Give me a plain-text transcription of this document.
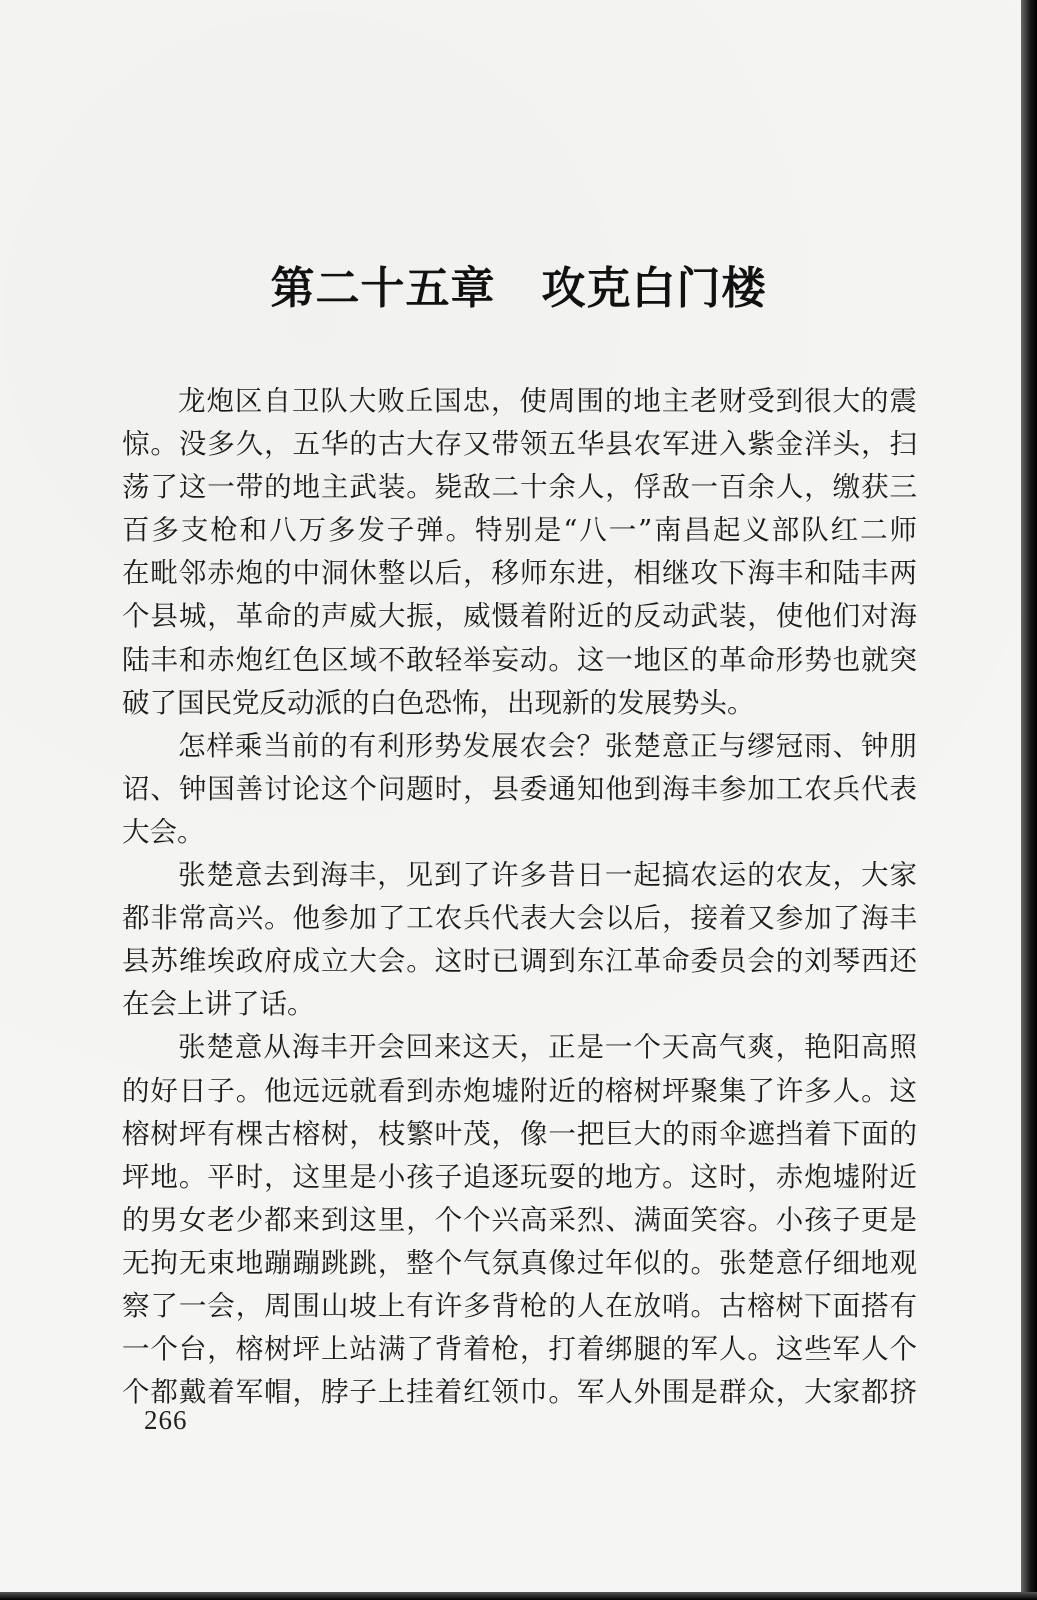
第二十五章 攻克白门楼
龙炮区自卫队大败丘国忠，使周围的地主老财受到很大的震
惊。没多久，五华的古大存又带领五华县农军进入紫金洋头，扫
荡了这一带的地主武装。毙敌二十余人，俘敌一百余人，缴获三
百多支枪和八万多发子弹。特别是“八一”南昌起义部队红二师
在毗邻赤炮的中洞休整以后，移师东进，相继攻下海丰和陆丰两
个县城，革命的声威大振，威慑着附近的反动武装，使他们对海
陆丰和赤炮红色区域不敢轻举妄动。这一地区的革命形势也就突
破了国民党反动派的白色恐怖，出现新的发展势头。
怎样乘当前的有利形势发展农会？张楚意正与缪冠雨、钟朋
诏、钟国善讨论这个问题时，县委通知他到海丰参加工农兵代表
大会。
张楚意去到海丰，见到了许多昔日一起搞农运的农友，大家
都非常高兴。他参加了工农兵代表大会以后，接着又参加了海丰
县苏维埃政府成立大会。这时已调到东江革命委员会的刘琴西还
在会上讲了话。
张楚意从海丰开会回来这天，正是一个天高气爽，艳阳高照
的好日子。他远远就看到赤炮墟附近的榕树坪聚集了许多人。这
榕树坪有棵古榕树，枝繁叶茂，像一把巨大的雨伞遮挡着下面的
坪地。平时，这里是小孩子追逐玩耍的地方。这时，赤炮墟附近
的男女老少都来到这里，个个兴高采烈、满面笑容。小孩子更是
无拘无束地蹦蹦跳跳，整个气氛真像过年似的。张楚意仔细地观
察了一会，周围山坡上有许多背枪的人在放哨。古榕树下面搭有
一个台，榕树坪上站满了背着枪，打着绑腿的军人。这些军人个
个都戴着军帽，脖子上挂着红领巾。军人外围是群众，大家都挤
266
